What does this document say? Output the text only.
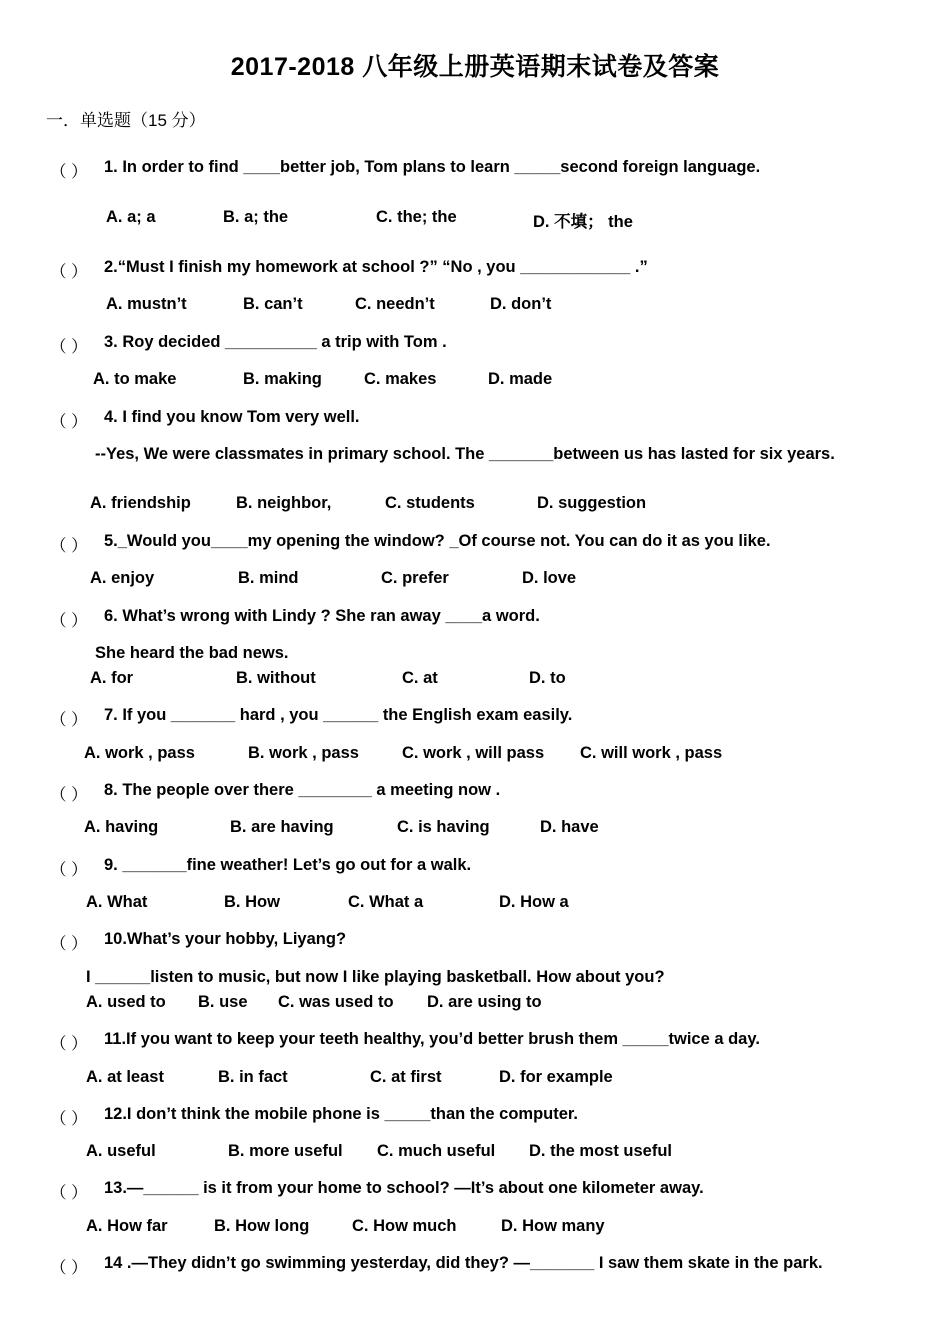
2017-2018 八年级上册英语期末试卷及答案
一．单选题（15 分）
（ ） 1. In order to find ____better job, Tom plans to learn _____second foreign language.
A. a; a	B. a; the	C. the; the	D. 不填； the
（ ） 2.“Must I finish my homework at school ?” “No , you ____________ .”
A. mustn’t	B. can’t	C. needn’t	D. don’t
（ ） 3. Roy decided __________ a trip with Tom .
A. to make	B. making	C. makes	D. made
（ ） 4. I find you know Tom very well.
--Yes, We were classmates in primary school. The _______between us has lasted for six years.
A. friendship	B. neighbor,	C. students	D. suggestion
（ ） 5._Would you____my opening the window? _Of course not. You can do it as you like.
A. enjoy	B. mind	C. prefer	D. love
（ ） 6. What’s wrong with Lindy ? She ran away ____a word.
She heard the bad news.
A. for	B. without	C. at	D. to
（ ） 7. If you _______ hard , you ______ the English exam easily.
A. work , pass	B. work , pass	C. work , will pass C. will work , pass
（ ） 8. The people over there ________ a meeting now .
A. having	B. are having	C. is having	D. have
（ ） 9. _______fine weather! Let’s go out for a walk.
A. What	B. How	C. What a	D. How a
（ ） 10.What’s your hobby, Liyang?
I ______listen to music, but now I like playing basketball. How about you?
A. used to B. use C. was used to D. are using to
（ ） 11.If you want to keep your teeth healthy, you’d better brush them _____twice a day.
A. at least	B. in fact	C. at first	D. for example
（ ） 12.I don’t think the mobile phone is _____than the computer.
A. useful	B. more useful C. much useful D. the most useful
（ ） 13.—______ is it from your home to school? —It’s about one kilometer away.
A. How far	B. How long	C. How much	D. How many
（ ） 14 .—They didn’t go swimming yesterday, did they? —_______ I saw them skate in the park.
